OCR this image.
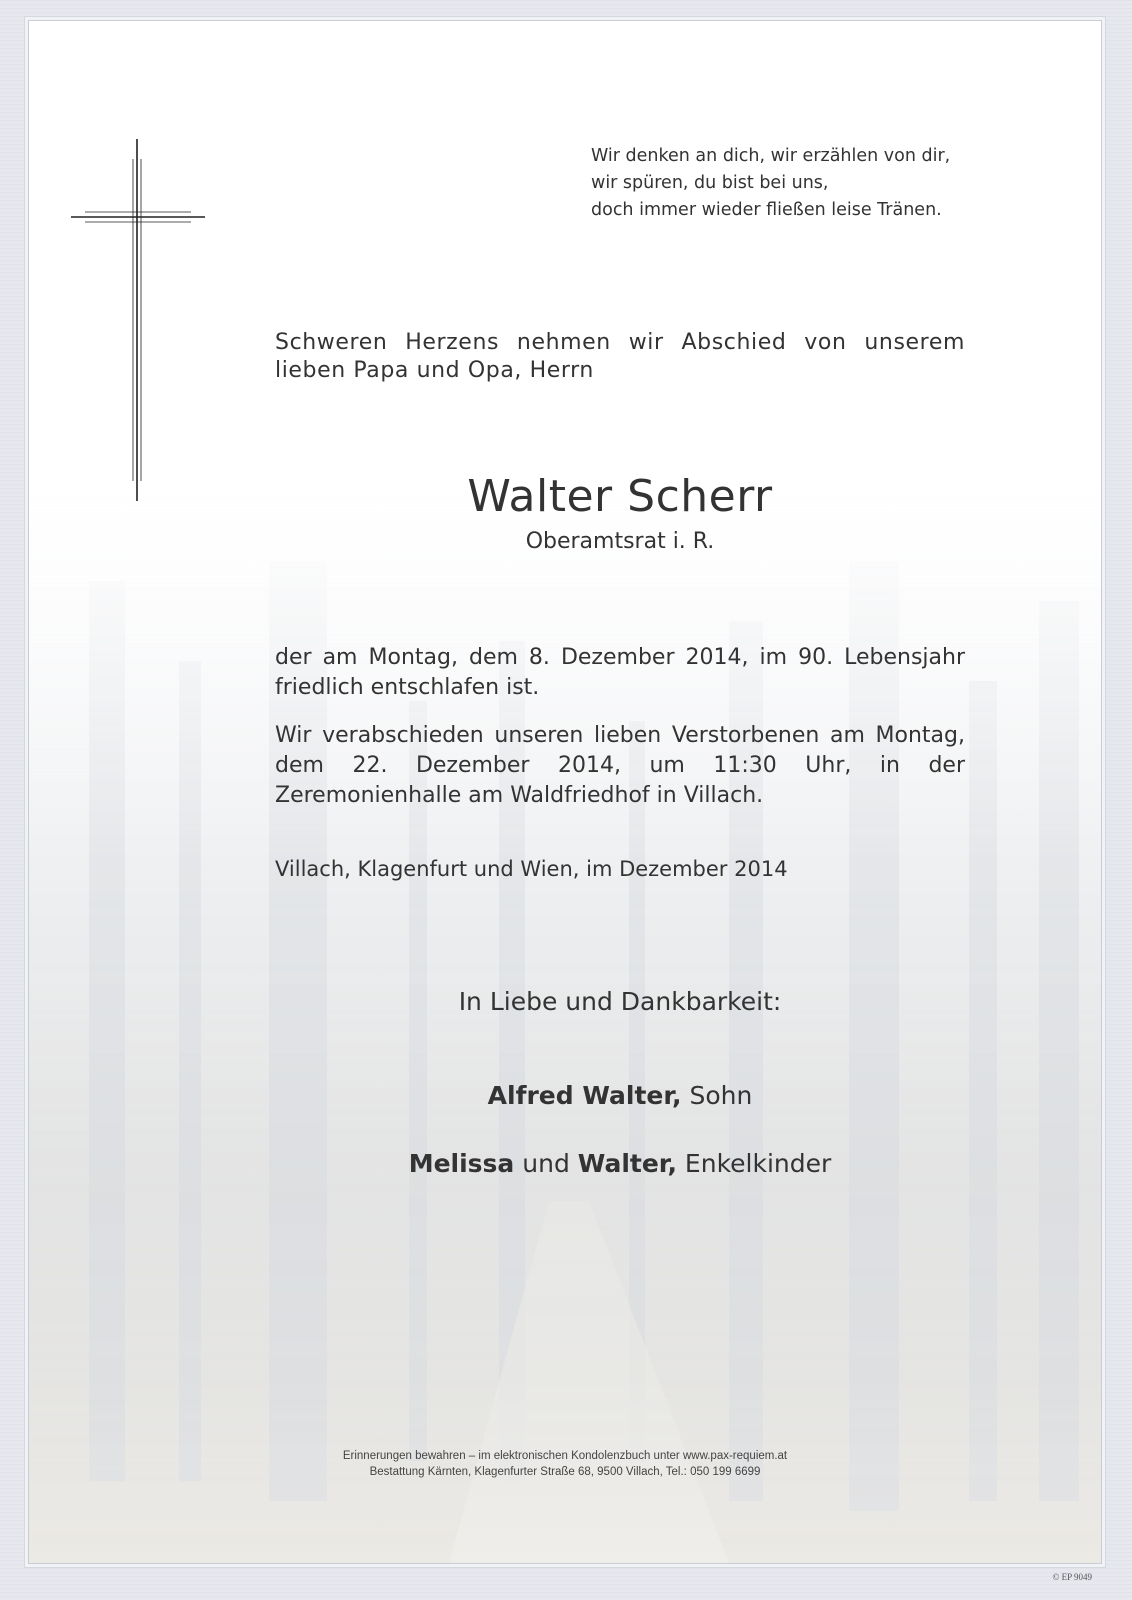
Wir denken an dich, wir erzählen von dir,
wir spüren, du bist bei uns,
doch immer wieder fließen leise Tränen.
Schweren Herzens nehmen wir Abschied von unserem lieben Papa und Opa, Herrn
Walter Scherr
Oberamtsrat i. R.
der am Montag, dem 8. Dezember 2014, im 90. Lebensjahr friedlich entschlafen ist.
Wir verabschieden unseren lieben Verstorbenen am Montag, dem 22. Dezember 2014, um 11:30 Uhr, in der Zeremonienhalle am Waldfriedhof in Villach.
Villach, Klagenfurt und Wien, im Dezember 2014
In Liebe und Dankbarkeit:
Alfred Walter, Sohn
Melissa und Walter, Enkelkinder
Erinnerungen bewahren – im elektronischen Kondolenzbuch unter www.pax-requiem.at
Bestattung Kärnten, Klagenfurter Straße 68, 9500 Villach, Tel.: 050 199 6699
© EP 9049
